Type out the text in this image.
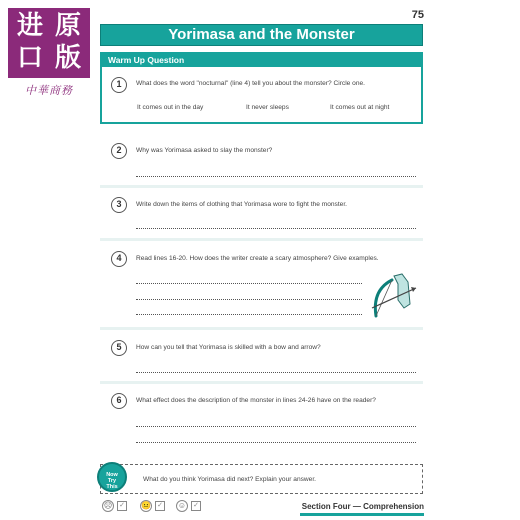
进 原
口 版
中華商務
75
Yorimasa and the Monster
Warm Up Question
1	What does the word "nocturnal" (line 4) tell you about the monster? Circle one.
It comes out in the day	It never sleeps	It comes out at night
2	Why was Yorimasa asked to slay the monster?
3	Write down the items of clothing that Yorimasa wore to fight the monster.
4	Read lines 16-20. How does the writer create a scary atmosphere? Give examples.
5	How can you tell that Yorimasa is skilled with a bow and arrow?
6	What effect does the description of the monster in lines 24-26 have on the reader?
Now
Try
This
What do you think Yorimasa did next? Explain your answer.
☹ ✓ 😐 ✓ ☺ ✓	Section Four — Comprehension
